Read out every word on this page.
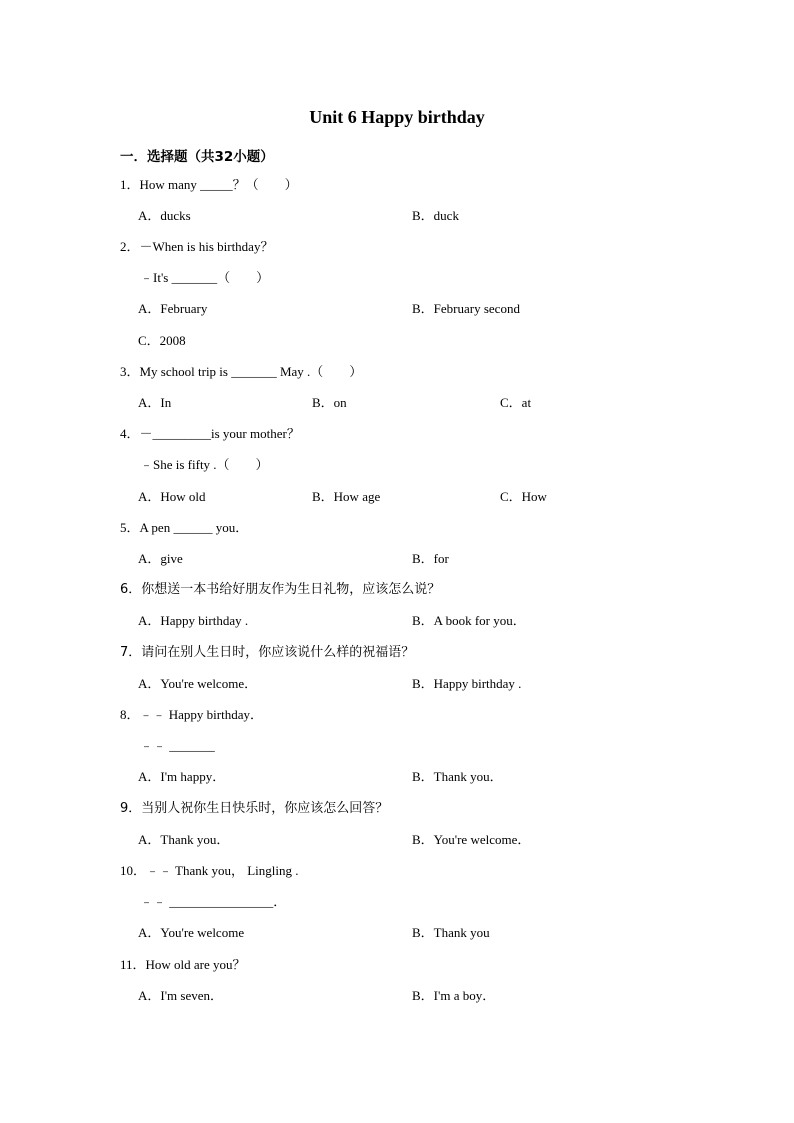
Unit 6 Happy birthday
一．选择题（共32小题）
1．How many _____？（　　）
A．ducks	B．duck
2．－When is his birthday？
﹣It's _______（　　）
A．February	B．February second
C．2008
3．My school trip is _______ May .（　　）
A．In	B．on	C．at
4．－_________is your mother？
﹣She is fifty .（　　）
A．How old	B．How age	C．How
5．A pen ______ you．
A．give	B．for
6．你想送一本书给好朋友作为生日礼物，应该怎么说？
A．Happy birthday .	B．A book for you．
7．请问在别人生日时，你应该说什么样的祝福语？
A．You're welcome．	B．Happy birthday .
8．﹣﹣ Happy birthday．
﹣﹣ _______
A．I'm happy．	B．Thank you．
9．当别人祝你生日快乐时，你应该怎么回答？
A．Thank you．	B．You're welcome．
10．﹣﹣ Thank you， Lingling .
﹣﹣ ________________．
A．You're welcome	B．Thank you
11．How old are you？
A．I'm seven．	B．I'm a boy．
